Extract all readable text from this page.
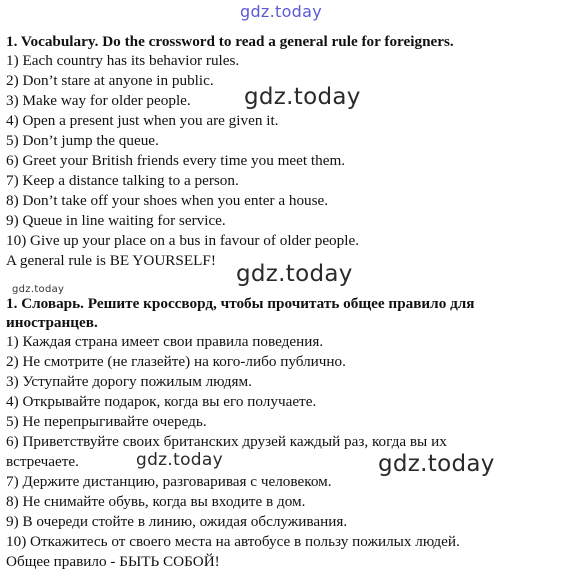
gdz.today
1. Vocabulary. Do the crossword to read a general rule for foreigners.
1) Each country has its behavior rules.
2) Don’t stare at anyone in public.
3) Make way for older people.
4) Open a present just when you are given it.
5) Don’t jump the queue.
6) Greet your British friends every time you meet them.
7) Keep a distance talking to a person.
8) Don’t take off your shoes when you enter a house.
9) Queue in line waiting for service.
10) Give up your place on a bus in favour of older people.
A general rule is BE YOURSELF!
gdz.today
gdz.today
gdz.today
1. Словарь. Решите кроссворд, чтобы прочитать общее правило для
иностранцев.
1) Каждая страна имеет свои правила поведения.
2) Не смотрите (не глазейте) на кого-либо публично.
3) Уступайте дорогу пожилым людям.
4) Открывайте подарок, когда вы его получаете.
5) Не перепрыгивайте очередь.
6) Приветствуйте своих британских друзей каждый раз, когда вы их
встречаете.
7) Держите дистанцию, разговаривая с человеком.
8) Не снимайте обувь, когда вы входите в дом.
9) В очереди стойте в линию, ожидая обслуживания.
10) Откажитесь от своего места на автобусе в пользу пожилых людей.
Общее правило - БЫТЬ СОБОЙ!
gdz.today	gdz.today
